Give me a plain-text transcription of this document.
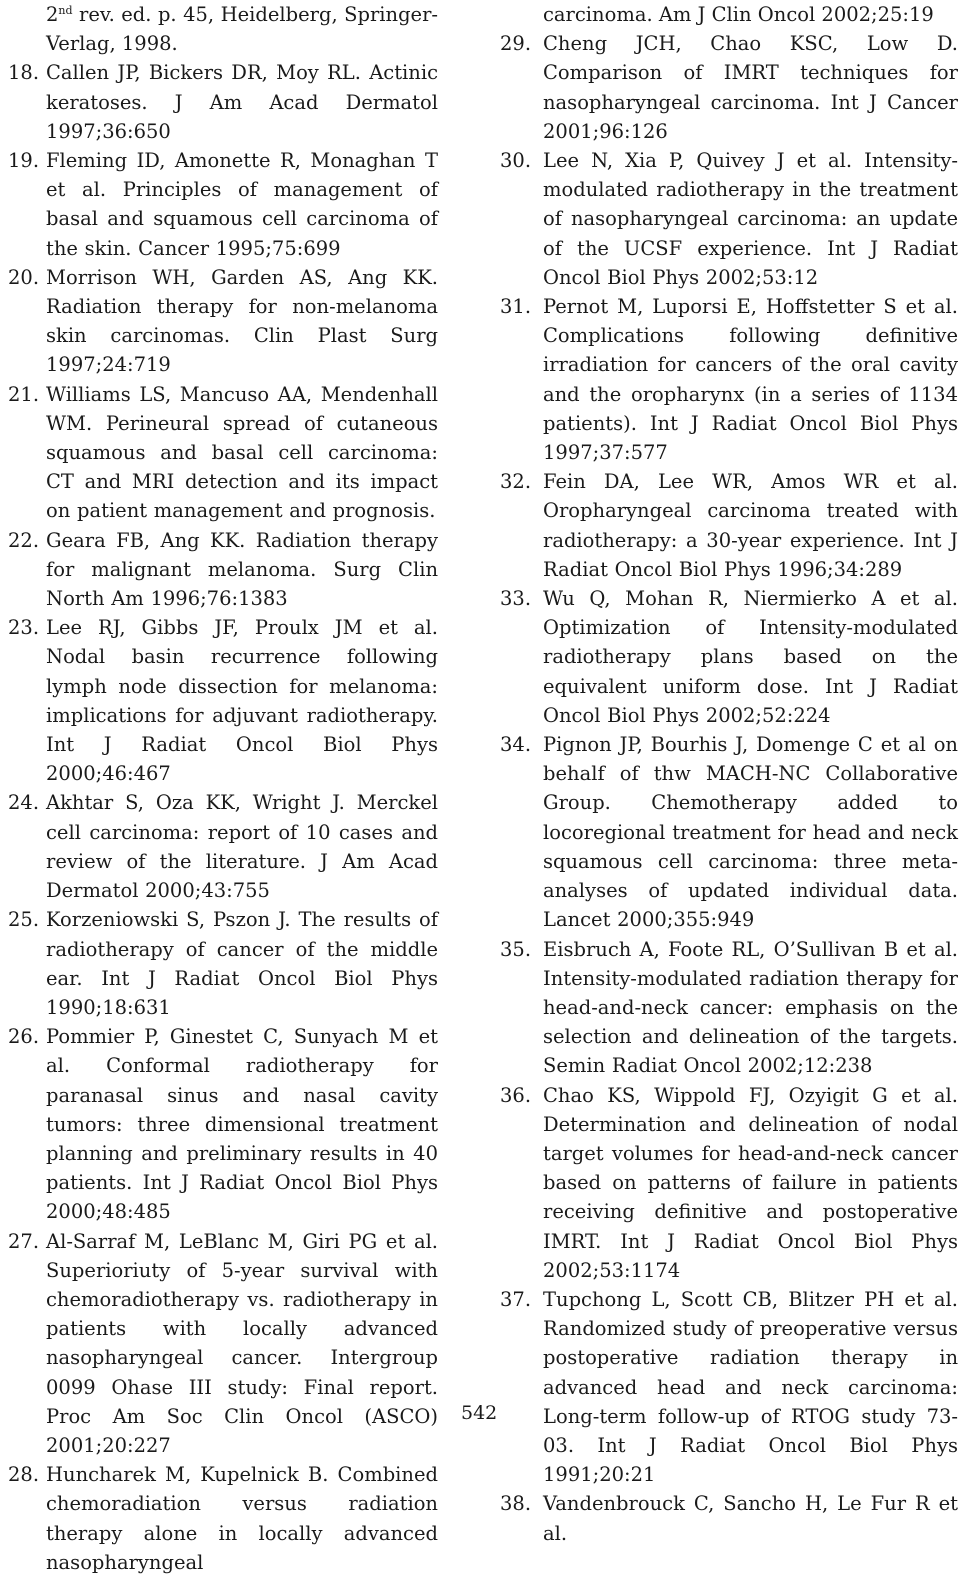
2nd rev. ed. p. 45, Heidelberg, Springer-Verlag, 1998.
18. Callen JP, Bickers DR, Moy RL. Actinic keratoses. J Am Acad Dermatol 1997;36:650
19. Fleming ID, Amonette R, Monaghan T et al. Principles of management of basal and squamous cell carcinoma of the skin. Cancer 1995;75:699
20. Morrison WH, Garden AS, Ang KK. Radiation therapy for non-melanoma skin carcinomas. Clin Plast Surg 1997;24:719
21. Williams LS, Mancuso AA, Mendenhall WM. Perineural spread of cutaneous squamous and basal cell carcinoma: CT and MRI detection and its impact on patient management and prognosis.
22. Geara FB, Ang KK. Radiation therapy for malignant melanoma. Surg Clin North Am 1996;76:1383
23. Lee RJ, Gibbs JF, Proulx JM et al. Nodal basin recurrence following lymph node dissection for melanoma: implications for adjuvant radiotherapy. Int J Radiat Oncol Biol Phys 2000;46:467
24. Akhtar S, Oza KK, Wright J. Merckel cell carcinoma: report of 10 cases and review of the literature. J Am Acad Dermatol 2000;43:755
25. Korzeniowski S, Pszon J. The results of radiotherapy of cancer of the middle ear. Int J Radiat Oncol Biol Phys 1990;18:631
26. Pommier P, Ginestet C, Sunyach M et al. Conformal radiotherapy for paranasal sinus and nasal cavity tumors: three dimensional treatment planning and preliminary results in 40 patients. Int J Radiat Oncol Biol Phys 2000;48:485
27. Al-Sarraf M, LeBlanc M, Giri PG et al. Superioriuty of 5-year survival with chemoradiotherapy vs. radiotherapy in patients with locally advanced nasopharyngeal cancer. Intergroup 0099 Ohase III study: Final report. Proc Am Soc Clin Oncol (ASCO) 2001;20:227
28. Huncharek M, Kupelnick B. Combined chemoradiation versus radiation therapy alone in locally advanced nasopharyngeal
carcinoma. Am J Clin Oncol 2002;25:19
29. Cheng JCH, Chao KSC, Low D. Comparison of IMRT techniques for nasopharyngeal carcinoma. Int J Cancer 2001;96:126
30. Lee N, Xia P, Quivey J et al. Intensity-modulated radiotherapy in the treatment of nasopharyngeal carcinoma: an update of the UCSF experience. Int J Radiat Oncol Biol Phys 2002;53:12
31. Pernot M, Luporsi E, Hoffstetter S et al. Complications following definitive irradiation for cancers of the oral cavity and the oropharynx (in a series of 1134 patients). Int J Radiat Oncol Biol Phys 1997;37:577
32. Fein DA, Lee WR, Amos WR et al. Oropharyngeal carcinoma treated with radiotherapy: a 30-year experience. Int J Radiat Oncol Biol Phys 1996;34:289
33. Wu Q, Mohan R, Niermierko A et al. Optimization of Intensity-modulated radiotherapy plans based on the equivalent uniform dose. Int J Radiat Oncol Biol Phys 2002;52:224
34. Pignon JP, Bourhis J, Domenge C et al on behalf of thw MACH-NC Collaborative Group. Chemotherapy added to locoregional treatment for head and neck squamous cell carcinoma: three meta-analyses of updated individual data. Lancet 2000;355:949
35. Eisbruch A, Foote RL, O’Sullivan B et al. Intensity-modulated radiation therapy for head-and-neck cancer: emphasis on the selection and delineation of the targets. Semin Radiat Oncol 2002;12:238
36. Chao KS, Wippold FJ, Ozyigit G et al. Determination and delineation of nodal target volumes for head-and-neck cancer based on patterns of failure in patients receiving definitive and postoperative IMRT. Int J Radiat Oncol Biol Phys 2002;53:1174
37. Tupchong L, Scott CB, Blitzer PH et al. Randomized study of preoperative versus postoperative radiation therapy in advanced head and neck carcinoma: Long-term follow-up of RTOG study 73-03. Int J Radiat Oncol Biol Phys 1991;20:21
38. Vandenbrouck C, Sancho H, Le Fur R et al.
542
